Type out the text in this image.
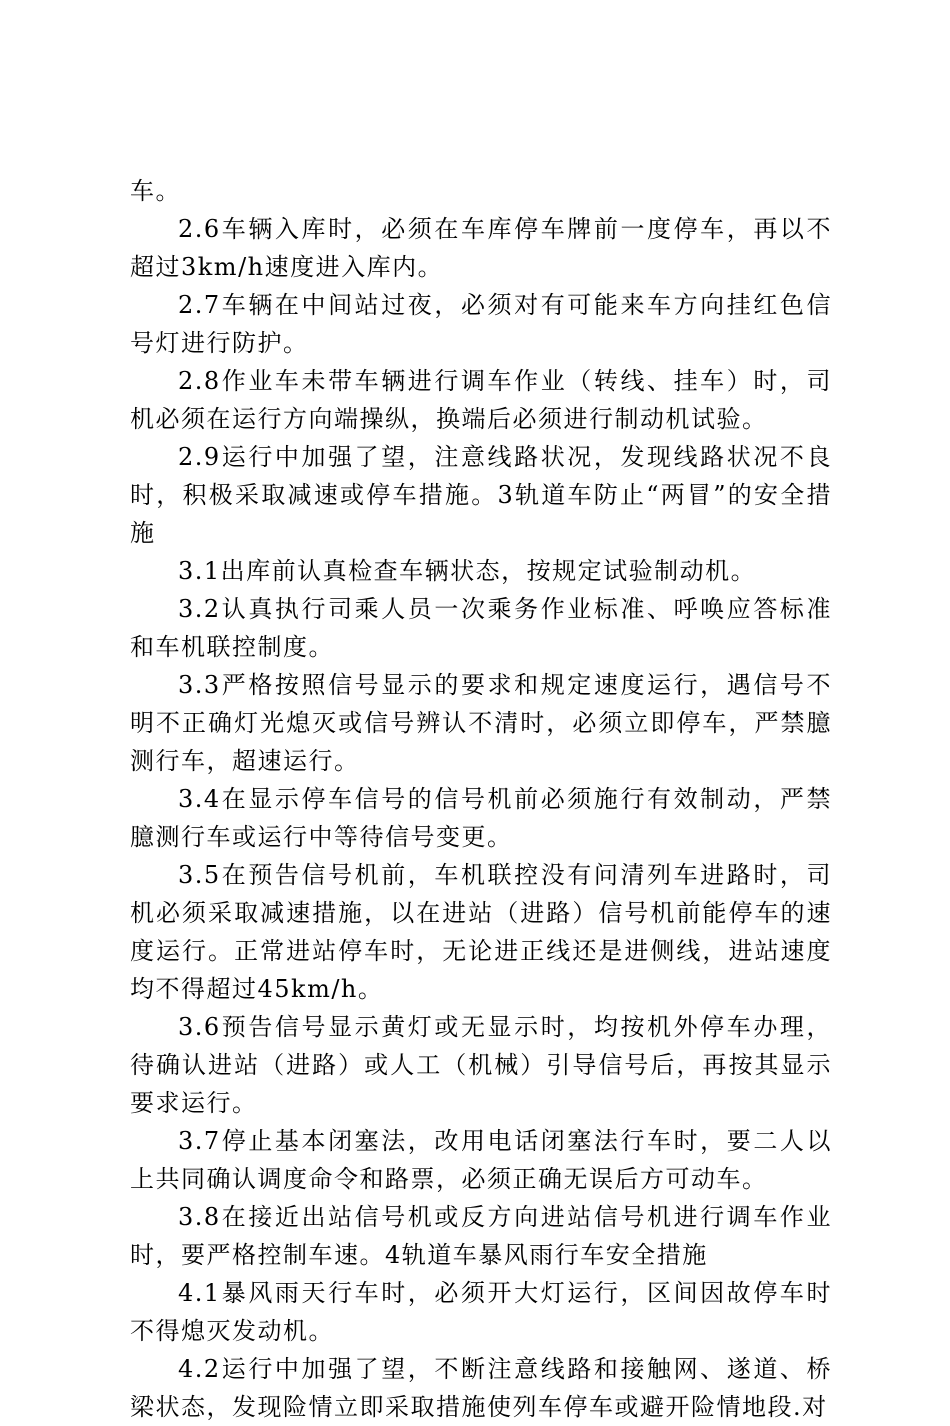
车。

2.6车辆入库时，必须在车库停车牌前一度停车，再以不超过3km/h速度进入库内。

2.7车辆在中间站过夜，必须对有可能来车方向挂红色信号灯进行防护。

2.8作业车未带车辆进行调车作业（转线、挂车）时，司机必须在运行方向端操纵，换端后必须进行制动机试验。

2.9运行中加强了望，注意线路状况，发现线路状况不良时，积极采取减速或停车措施。3轨道车防止“两冒”的安全措施

3.1出库前认真检查车辆状态，按规定试验制动机。

3.2认真执行司乘人员一次乘务作业标准、呼唤应答标准和车机联控制度。

3.3严格按照信号显示的要求和规定速度运行，遇信号不明不正确灯光熄灭或信号辨认不清时，必须立即停车，严禁臆测行车，超速运行。

3.4在显示停车信号的信号机前必须施行有效制动，严禁臆测行车或运行中等待信号变更。

3.5在预告信号机前，车机联控没有问清列车进路时，司机必须采取减速措施，以在进站（进路）信号机前能停车的速度运行。正常进站停车时，无论进正线还是进侧线，进站速度均不得超过45km/h。

3.6预告信号显示黄灯或无显示时，均按机外停车办理，待确认进站（进路）或人工（机械）引导信号后，再按其显示要求运行。

3.7停止基本闭塞法，改用电话闭塞法行车时，要二人以上共同确认调度命令和路票，必须正确无误后方可动车。

3.8在接近出站信号机或反方向进站信号机进行调车作业时，要严格控制车速。4轨道车暴风雨行车安全措施

4.1暴风雨天行车时，必须开大灯运行，区间因故停车时不得熄灭发动机。

4.2运行中加强了望，不断注意线路和接触网、遂道、桥梁状态，发现险情立即采取措施使列车停车或避开险情地段.对
